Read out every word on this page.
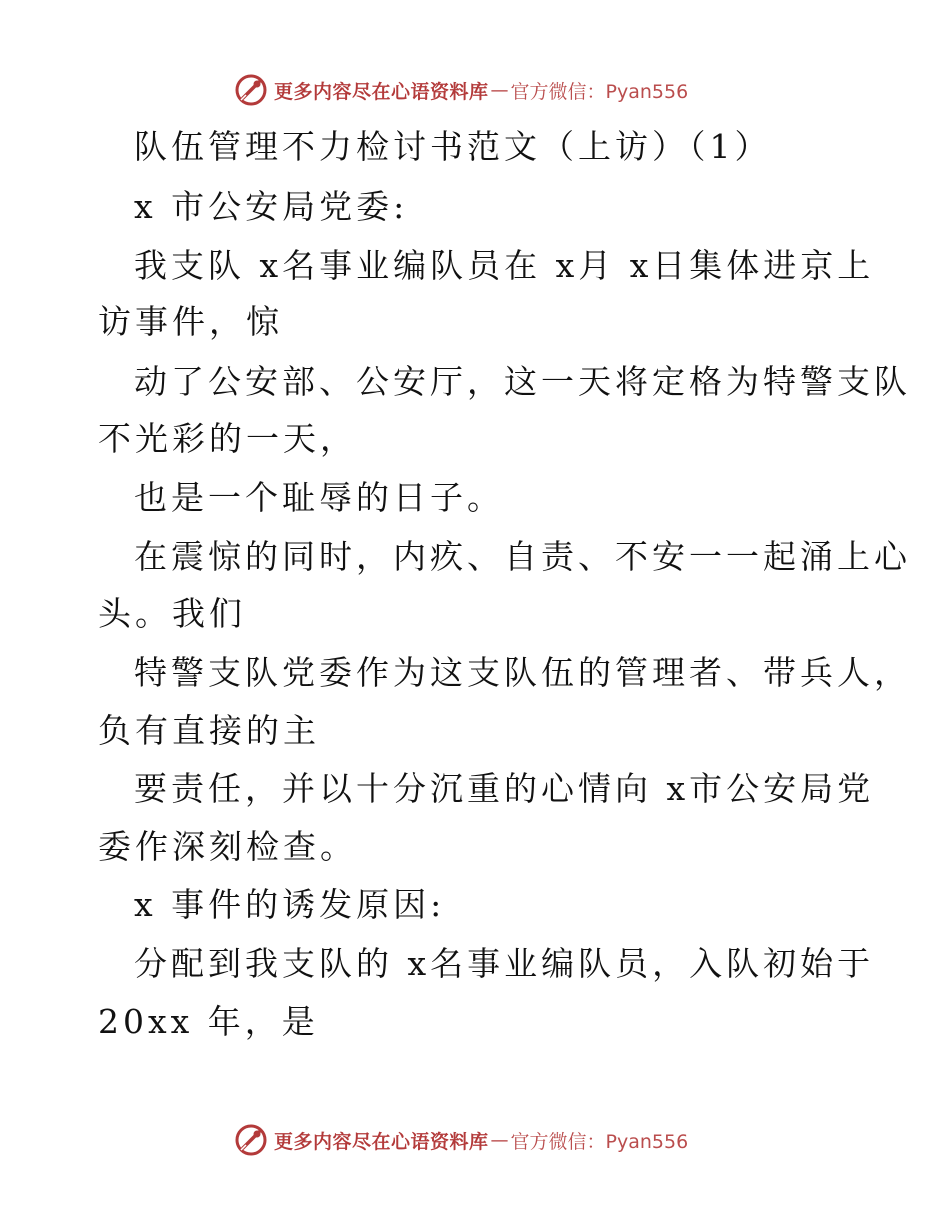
更多内容尽在心语资料库 — 官方微信：Pyan556
队伍管理不力检讨书范文（上访）（1）
x 市公安局党委:
我支队 x名事业编队员在 x月 x日集体进京上
访事件，惊
动了公安部、公安厅，这一天将定格为特警支队
不光彩的一天，
也是一个耻辱的日子。
在震惊的同时，内疚、自责、不安一一起涌上心
头。我们
特警支队党委作为这支队伍的管理者、带兵人，
负有直接的主
要责任，并以十分沉重的心情向 x市公安局党
委作深刻检查。
x 事件的诱发原因:
分配到我支队的 x名事业编队员，入队初始于
20xx 年，是
更多内容尽在心语资料库 — 官方微信：Pyan556
